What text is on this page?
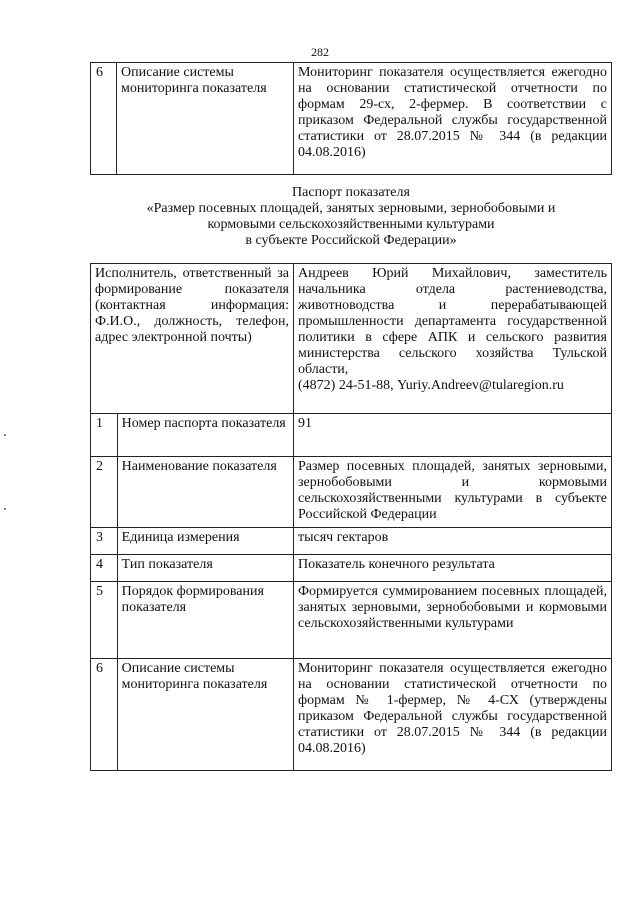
282
6	Описание системы мониторинга показателя	Мониторинг показателя осуществляется ежегодно на основании статистической отчетности по формам 29-сх, 2-фермер. В соответствии с приказом Федеральной службы государственной статистики от 28.07.2015 № 344 (в редакции 04.08.2016)
Паспорт показателя
«Размер посевных площадей, занятых зерновыми, зернобобовыми и
кормовыми сельскохозяйственными культурами
в субъекте Российской Федерации»
Исполнитель, ответственный за формирование показателя (контактная информация: Ф.И.О., должность, телефон, адрес электронной почты)		Андреев Юрий Михайлович, заместитель начальника отдела растениеводства, животноводства и перерабатывающей промышленности департамента государственной политики в сфере АПК и сельского развития министерства сельского хозяйства Тульской области,
(4872) 24-51-88, Yuriy.Andreev@tularegion.ru
1	Номер паспорта показателя	91
2	Наименование показателя	Размер посевных площадей, занятых зерновыми, зернобобовыми и кормовыми сельскохозяйственными культурами в субъекте Российской Федерации
3	Единица измерения	тысяч гектаров
4	Тип показателя	Показатель конечного результата
5	Порядок формирования показателя	Формируется суммированием посевных площадей, занятых зерновыми, зернобобовыми и кормовыми сельскохозяйственными культурами
6	Описание системы мониторинга показателя	Мониторинг показателя осуществляется ежегодно на основании статистической отчетности по формам № 1-фермер, № 4-СХ (утверждены приказом Федеральной службы государственной статистики от 28.07.2015 № 344 (в редакции 04.08.2016)
